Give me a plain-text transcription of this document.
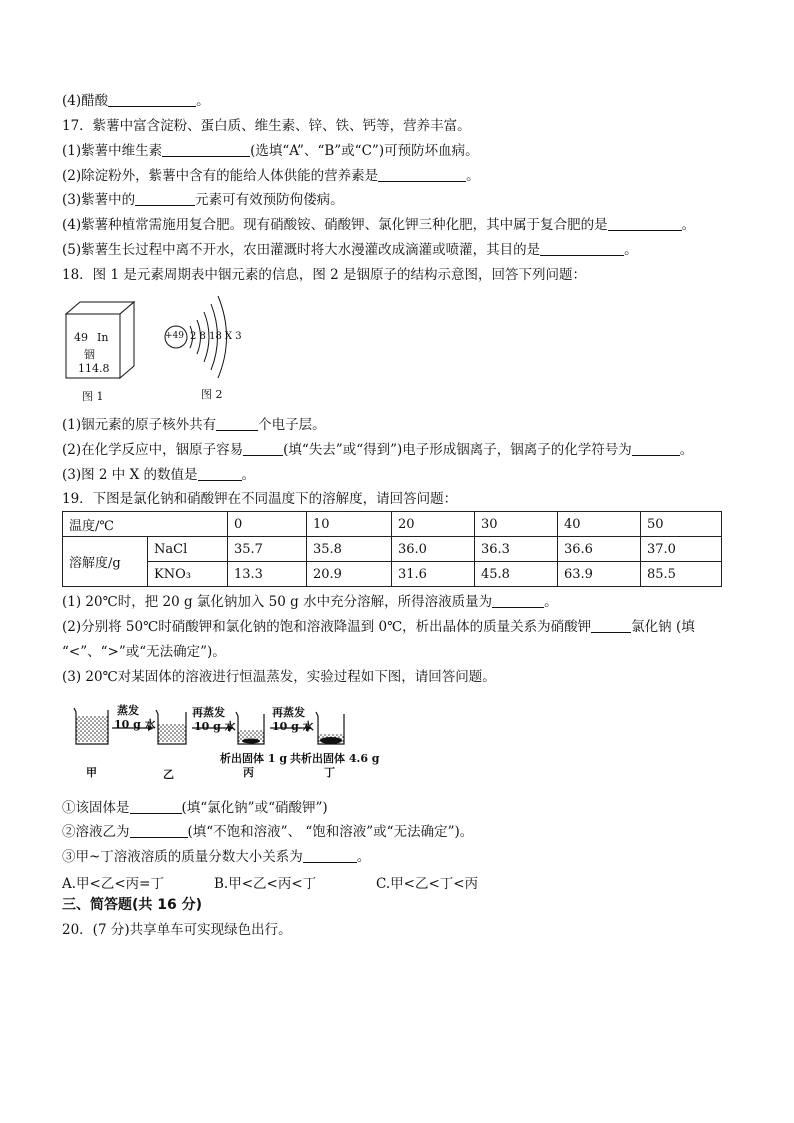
(4)醋酸	。
17．紫薯中富含淀粉、蛋白质、维生素、锌、铁、钙等，营养丰富。
(1)紫薯中维生素	(选填“A”、“B”或“C”)可预防坏血病。
(2)除淀粉外，紫薯中含有的能给人体供能的营养素是	。
(3)紫薯中的	元素可有效预防佝偻病。
(4)紫薯种植常需施用复合肥。现有硝酸铵、硝酸钾、氯化钾三种化肥，其中属于复合肥的是	。
(5)紫薯生长过程中离不开水，农田灌溉时将大水漫灌改成滴灌或喷灌，其目的是	。
18．图 1 是元素周期表中铟元素的信息，图 2 是铟原子的结构示意图，回答下列问题：
49 In
铟
114.8
图 1
+49 2 8 18 X 3
图 2
(1)铟元素的原子核外共有	个电子层。
(2)在化学反应中，铟原子容易	(填“失去”或“得到”)电子形成铟离子，铟离子的化学符号为	。
(3)图 2 中 X 的数值是	。
19．下图是氯化钠和硝酸钾在不同温度下的溶解度，请回答问题：
温度/℃		0	10	20	30	40	50
溶解度/g	NaCl	35.7	35.8	36.0	36.3	36.6	37.0
	KNO₃	13.3	20.9	31.6	45.8	63.9	85.5
(1) 20℃时，把 20 g 氯化钠加入 50 g 水中充分溶解，所得溶液质量为	。
(2)分别将 50℃时硝酸钾和氯化钠的饱和溶液降温到 0℃，析出晶体的质量关系为硝酸钾	氯化钠 (填
“<”、“>”或“无法确定”)。
(3) 20℃对某固体的溶液进行恒温蒸发，实验过程如下图，请回答问题。
蒸发
10 g 水
再蒸发
10 g 水
再蒸发
10 g 水
甲	乙
析出固体 1 g
丙
共析出固体 4.6 g
丁
①该固体是	(填“氯化钠”或“硝酸钾”)
②溶液乙为	(填“不饱和溶液”、 “饱和溶液”或“无法确定”)。
③甲~丁溶液溶质的质量分数大小关系为	。
A.甲<乙<丙=丁	B.甲<乙<丙<丁	C.甲<乙<丁<丙
三、简答题(共 16 分)
20．(7 分)共享单车可实现绿色出行。
